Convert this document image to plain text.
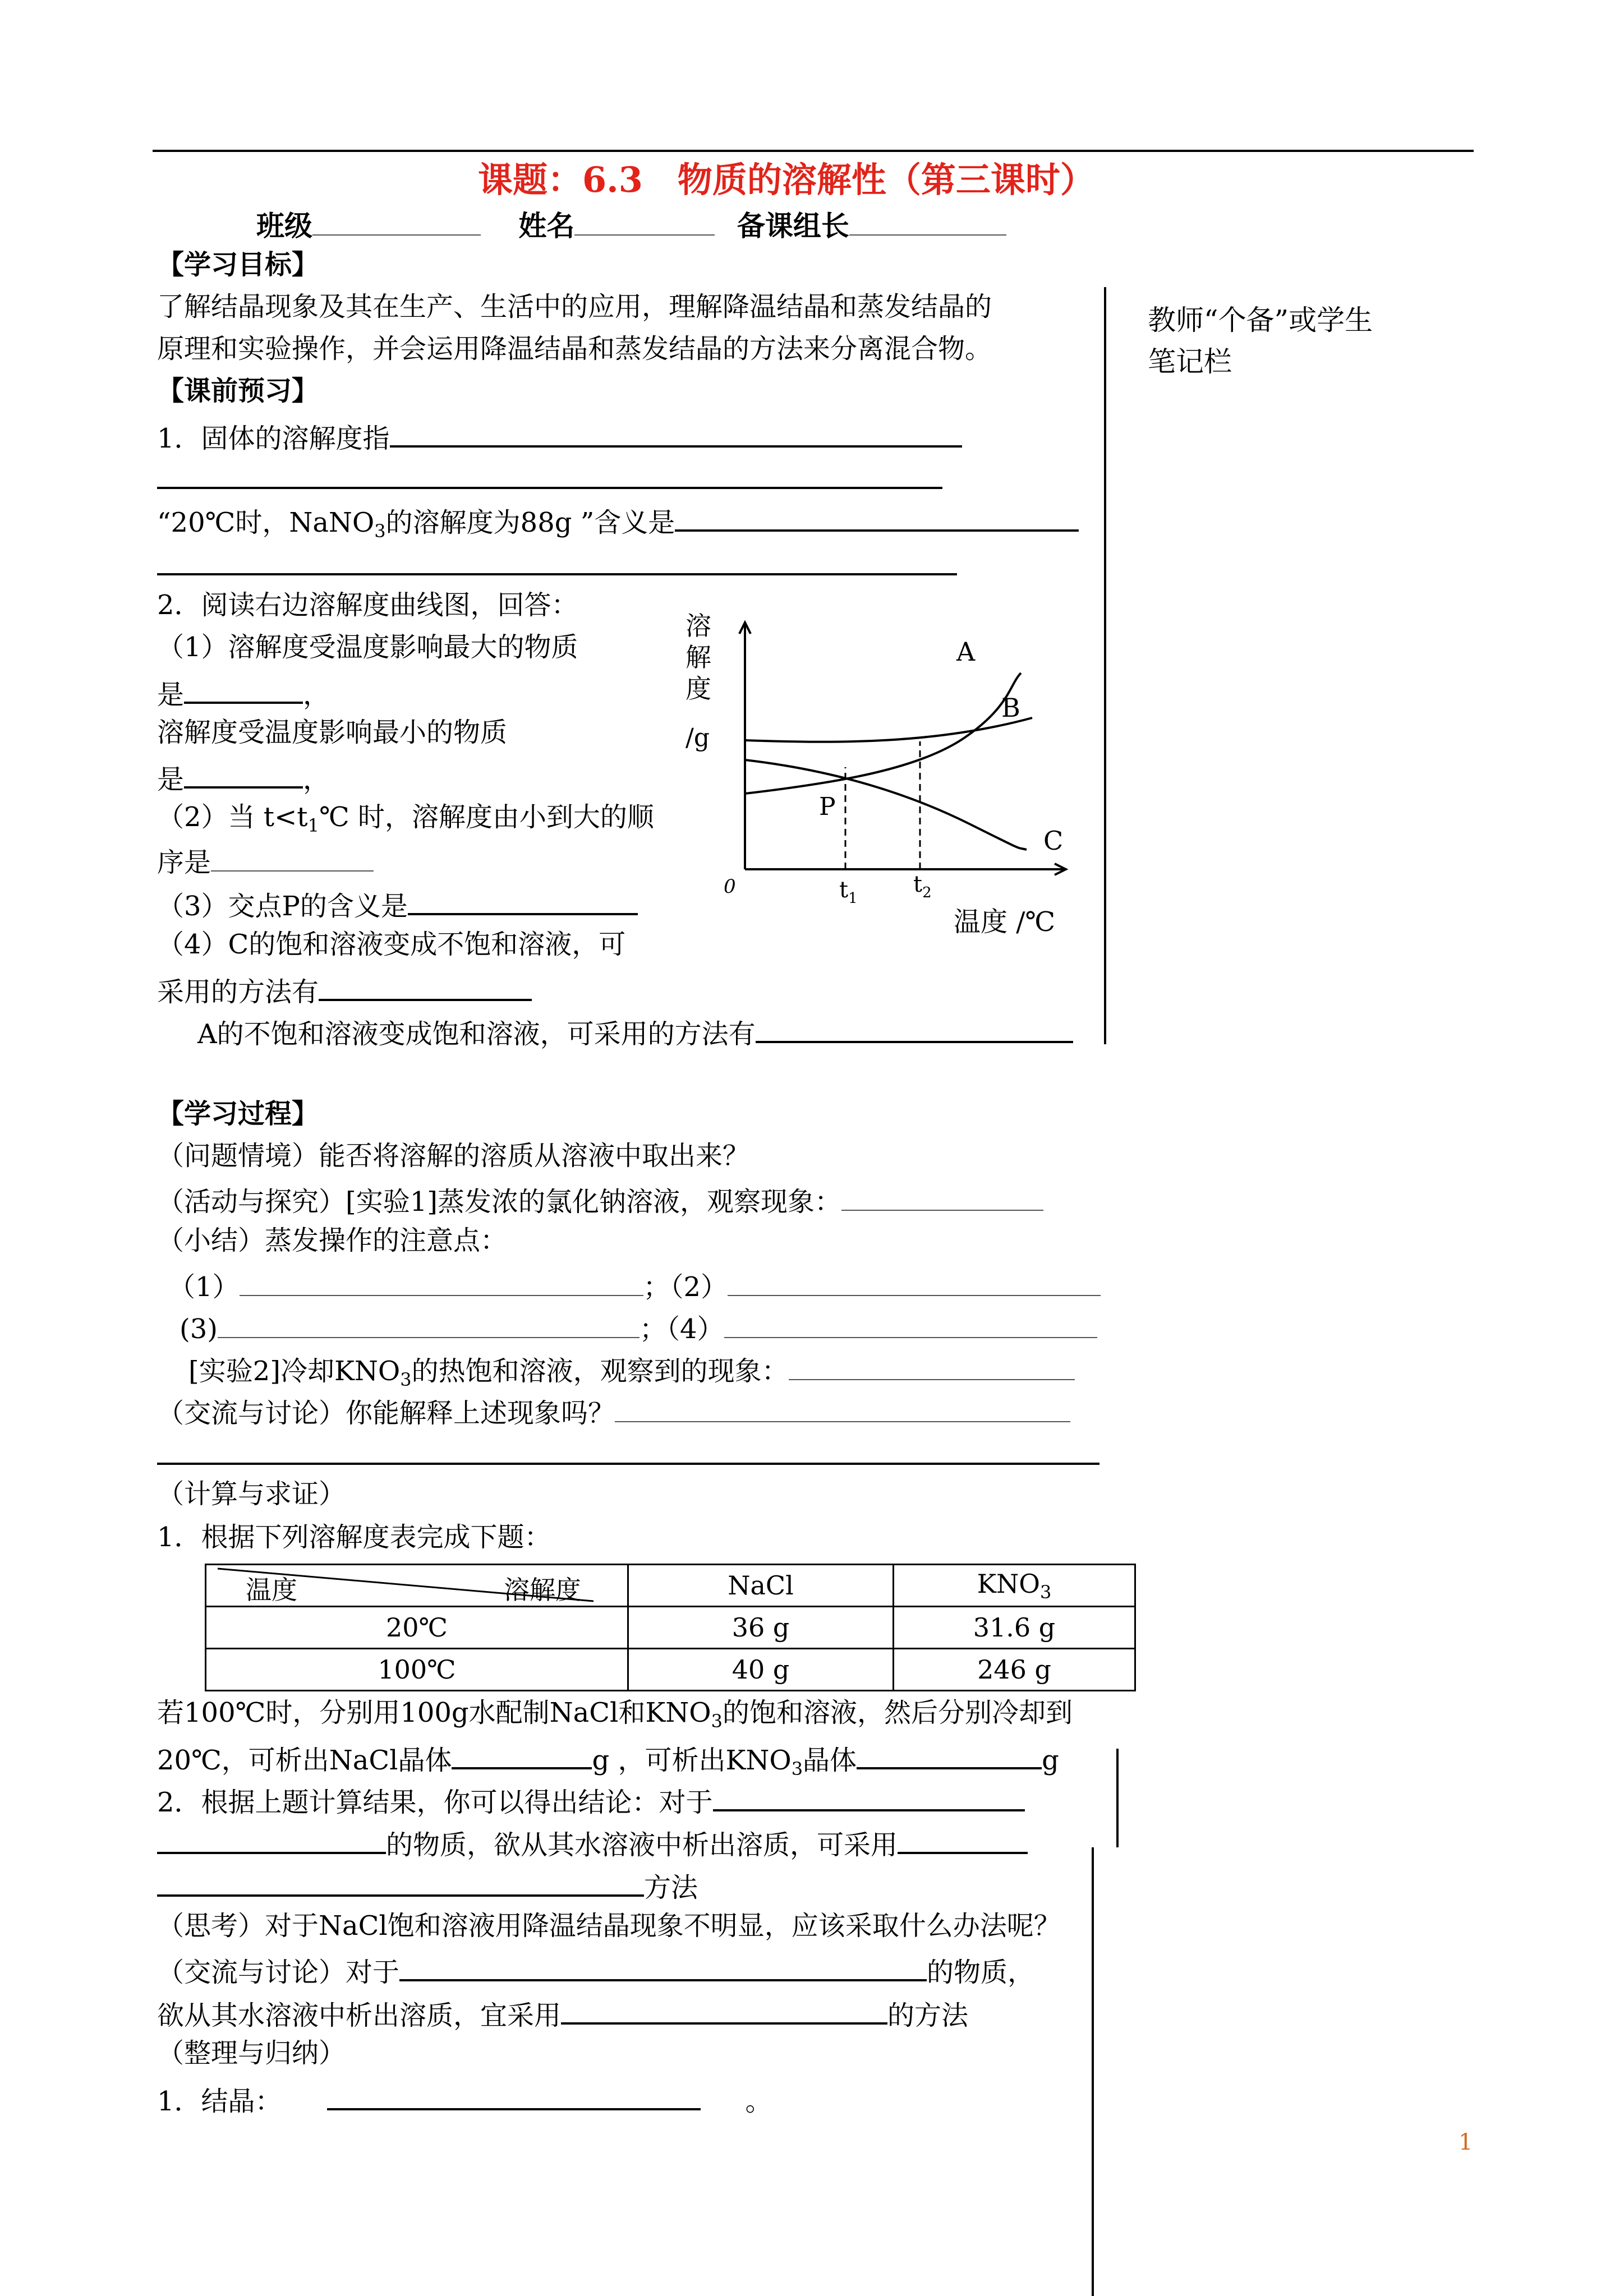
课题：6.3　物质的溶解性（第三课时）
班级	姓名	备课组长
【学习目标】
了解结晶现象及其在生产、生活中的应用，理解降温结晶和蒸发结晶的
原理和实验操作，并会运用降温结晶和蒸发结晶的方法来分离混合物。
教师“个备”或学生
笔记栏
【课前预习】
1．固体的溶解度指
“20℃时，NaNO$_3$的溶解度为88g ”含义是
2．阅读右边溶解度曲线图，回答：
（1）溶解度受温度影响最大的物质
是	，
溶解度受温度影响最小的物质
是	，
（2）当 $t<t_1℃$ 时，溶解度由小到大的顺
序是
（3）交点P的含义是
（4）C的饱和溶液变成不饱和溶液，可
采用的方法有
A的不饱和溶液变成饱和溶液，可采用的方法有
溶
解
度
/g
0	$t_1$
$t_2$
温度 /℃
A
B
C
P
【学习过程】
（问题情境）能否将溶解的溶质从溶液中取出来？
（活动与探究）[实验1]蒸发浓的氯化钠溶液，观察现象：
（小结）蒸发操作的注意点：
（1）	；（2）
(3)	；（4）
[实验2]冷却$KNO_3$的热饱和溶液，观察到的现象：
（交流与讨论）你能解释上述现象吗？
（计算与求证）
1．根据下列溶解度表完成下题：
温度 溶解度	NaCl	$KNO_3$
20℃	36 g	31.6 g
100℃	40 g	246 g
若100℃时，分别用100g水配制NaCl和$KNO_3$的饱和溶液，然后分别冷却到
20℃，可析出NaCl晶体	g ，可析出$KNO_3$晶体	g
2．根据上题计算结果，你可以得出结论：对于
的物质，欲从其水溶液中析出溶质，可采用
方法
（思考）对于NaCl饱和溶液用降温结晶现象不明显，应该采取什么办法呢？
（交流与讨论）对于	的物质，
欲从其水溶液中析出溶质，宜采用	的方法
（整理与归纳）
1．结晶：	。
1
